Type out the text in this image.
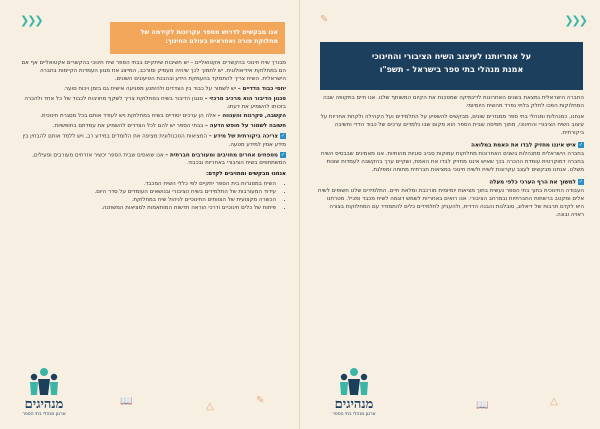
❯❯❯
אנו מבקשים לדרוש מספר עקרונות לקידמה של מחלוקת פורה ואחראית בעולם החינוך:

מבורך שיח חינוכי בהקשרים אקטואליים – יש חשיבות שיתקיים בבתי הספר שיח חינוכי בהקשרים אקטואליים אף אם הם במחלוקת אידיאולוגית. יש לתמוך לכך שיהיה מעמיק ומורכב, המייצג את מגוון העמדות הקיימות בחברה הישראלית. השיח צריך להתמקד בהעמקת הידע ובהבנת הטיעונים השונים.

יחסי כבוד הדדיים – יש לשמור על כבוד בין הצדדים ולהימנע מפגיעה אישית גם בזמן ויכוח סוער.

סגנון הדיבור הוא מרכיב מרכזי – סגנון הדיבור בשיח במחלוקת צריך לשקף מחויבות לכבוד של כל אחד ולהכרה בזכותו להשמיע את דעתו.

הקשבה, סקרנות והענווה – אלה הן ערכים יסודיים בשיח במחלוקת ויש לעודד אותם בכל מסגרת חינוכית.

חשובה לשמור על חופש הדעה – בבתי הספר יש להם לכל הצדדים להשמיע את עמדתם בחופשיות.

✓צריכה ביקורתית של מידע – המציאות הטכנולוגית מציפה את הלומדים במידע רב, ויש ללמד אותם להבחין בין מידע אמין למידע מטעה.

✓מספחים אחרים מחויבים ומעורבים חברתית – אנו שואפים שבית הספר יכשיר אזרחים מעורבים ופעילים, המשתתפים בשיח הציבורי באחריות ובכבוד.

אנחנו מבקשים ומחויבים לקדם:

• השיח במסגרות בית הספר יתקיים לפי כללי השיח המכבד.
• עידוד המעורבות של התלמידים בשיח הציבורי ובנושאים העומדים על סדר היום.
• הכשרה מקצועית של הצוותים החינוכיים לניהול שיח במחלוקת.
• פיתוח של כלים חינוכיים ודרכי הוראה חדשות המותאמות למציאות המשתנה.
📖	△
✎
מנהיגים
ארגון מנהלי בתי הספר
❯❯❯
✎
△
📖
על אחריותנו לעיצוב השיח הציבורי והחינוכי
אמנת מנהלי בתי ספר בישראל - תשפ"ו

החברה הישראלית נמצאת בשנים האחרונות לדינמיקה שמסכנת את הקיום המשותף שלנו. אנו חיים בתקופה שבה המחלוקות הפכו לחלק בלתי נפרד מהשיח היומיומי.

אנחנו, כמנהלות ומנהלי בתי ספר ממגזרים שונים, מבקשים להשפיע על התלמידים ועל הקהילה ולקחת אחריות על עיצוב השיח הציבורי והחינוכי, מתוך תפיסה שבית הספר הוא מקום שבו נלמדים ערכים של כבוד הדדי וחשיבה ביקורתית.

✓איש איננו מחזיק לבדו את האמת במלואה

בחברה הישראלית מתנהלות בשנים האחרונות מחלוקות עמוקות סביב סוגיות מהותיות. אנו מאמינים שבבסיס השיח בחברה דמוקרטית עומדת ההכרה בכך שאיש איננו מחזיק לבדו את האמת, ושקיים ערך בהקשבה לעמדות שונות משלנו. אנחנו מבקשים לעצב עקרונות לשיח ולשיח חינוכי במציאות חברתית מתוחה ומפלגת.

✓למשוך את הרף הערכי כלפי מעלה

העבודה החינוכית בתוך בתי הספר נעשית בתוך מציאות יומיומית מורכבת ומלאת חיים. התלמידים שלנו חשופים לשיח אלים ומקטב ברשתות החברתיות ובמרחב הציבורי. אנו רואים באחריות לשמש דוגמה לשיח מכבד ומכיל. מטרתנו היא לקדם תרבות של דיאלוג, סובלנות והבנה הדדית, ולהעניק לתלמידים כלים להתמודד עם המחלוקות בצורה ראויה ובונה.

מנהיגים
ארגון מנהלי בתי הספר
